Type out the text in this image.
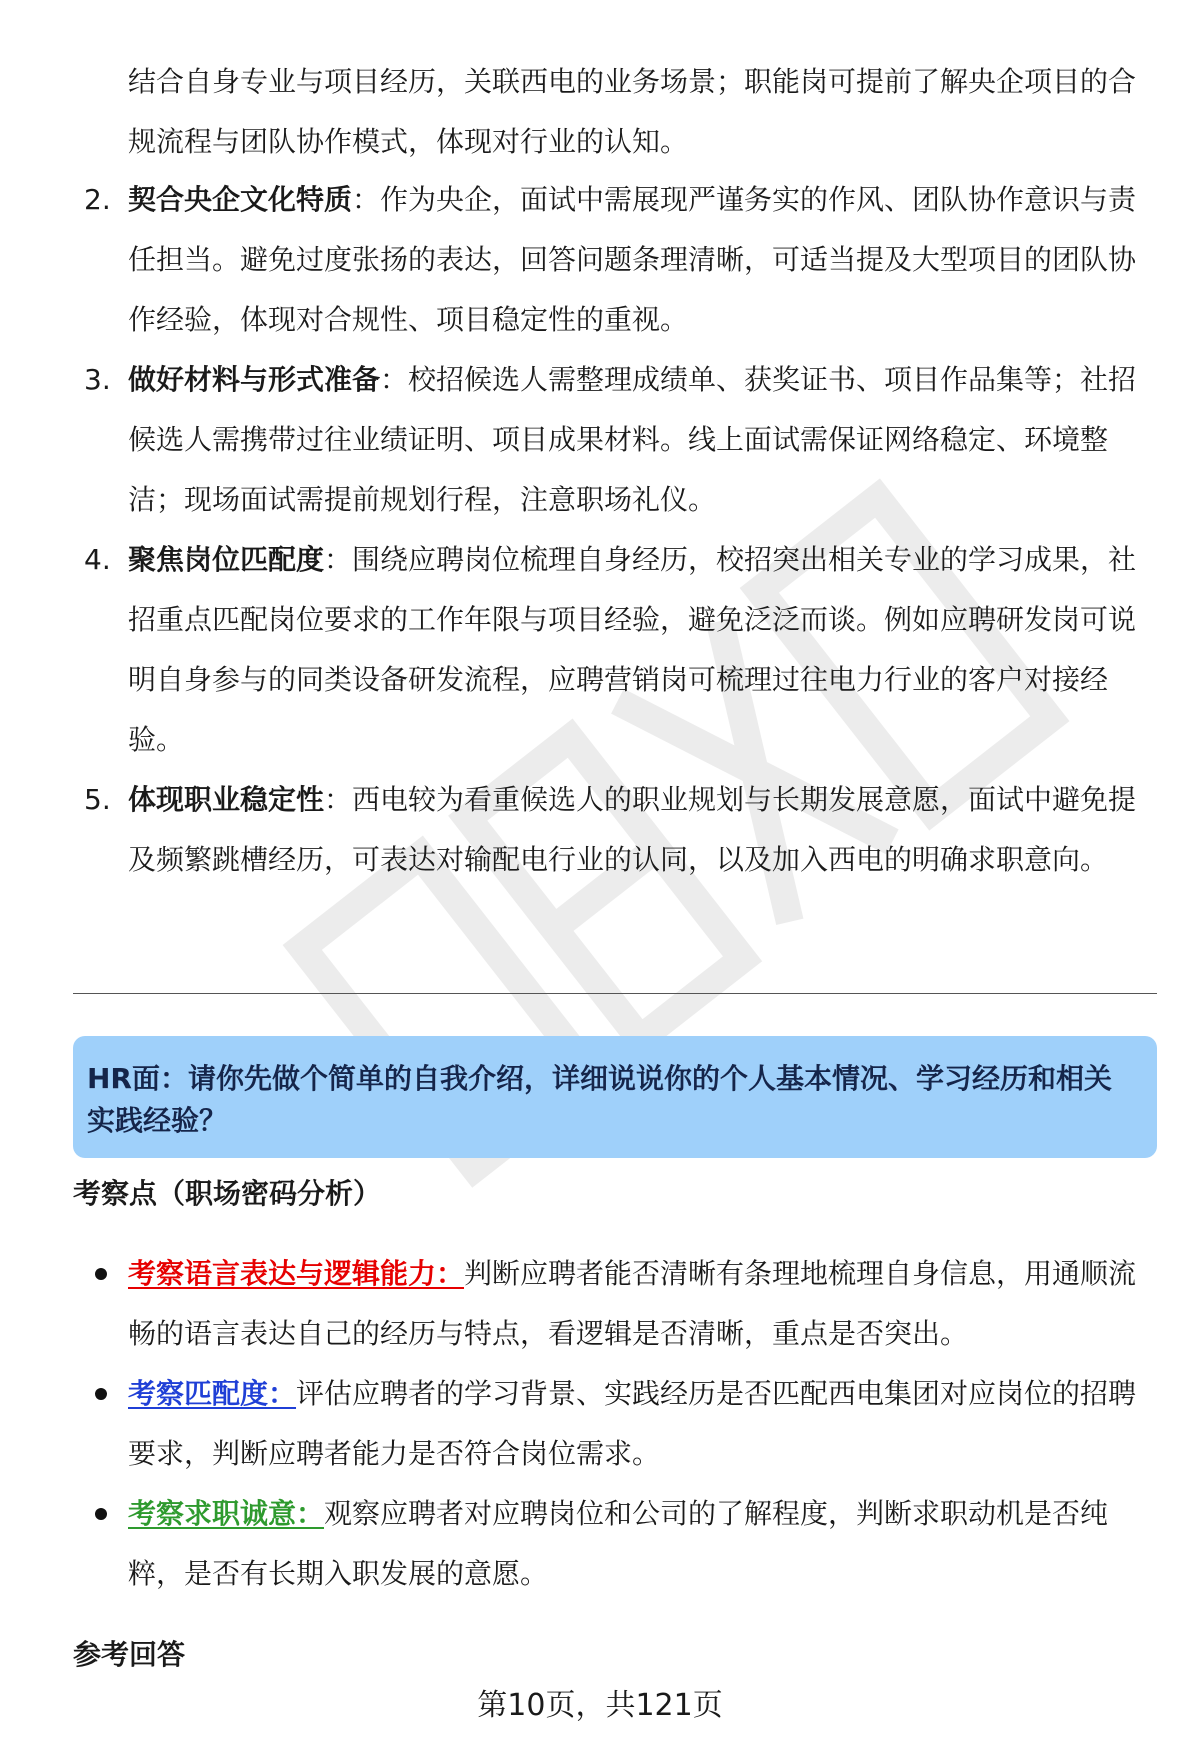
结合自身专业与项目经历，关联西电的业务场景；职能岗可提前了解央企项目的合规流程与团队协作模式，体现对行业的认知。

2. 契合央企文化特质：作为央企，面试中需展现严谨务实的作风、团队协作意识与责任担当。避免过度张扬的表达，回答问题条理清晰，可适当提及大型项目的团队协作经验，体现对合规性、项目稳定性的重视。
3. 做好材料与形式准备：校招候选人需整理成绩单、获奖证书、项目作品集等；社招候选人需携带过往业绩证明、项目成果材料。线上面试需保证网络稳定、环境整洁；现场面试需提前规划行程，注意职场礼仪。
4. 聚焦岗位匹配度：围绕应聘岗位梳理自身经历，校招突出相关专业的学习成果，社招重点匹配岗位要求的工作年限与项目经验，避免泛泛而谈。例如应聘研发岗可说明自身参与的同类设备研发流程，应聘营销岗可梳理过往电力行业的客户对接经验。
5. 体现职业稳定性：西电较为看重候选人的职业规划与长期发展意愿，面试中避免提及频繁跳槽经历，可表达对输配电行业的认同，以及加入西电的明确求职意向。

HR面：请你先做个简单的自我介绍，详细说说你的个人基本情况、学习经历和相关实践经验？

考察点（职场密码分析）
考察语言表达与逻辑能力：判断应聘者能否清晰有条理地梳理自身信息，用通顺流畅的语言表达自己的经历与特点，看逻辑是否清晰，重点是否突出。
考察匹配度：评估应聘者的学习背景、实践经历是否匹配西电集团对应岗位的招聘要求，判断应聘者能力是否符合岗位需求。
考察求职诚意：观察应聘者对应聘岗位和公司的了解程度，判断求职动机是否纯粹，是否有长期入职发展的意愿。
参考回答
第10页，共121页
